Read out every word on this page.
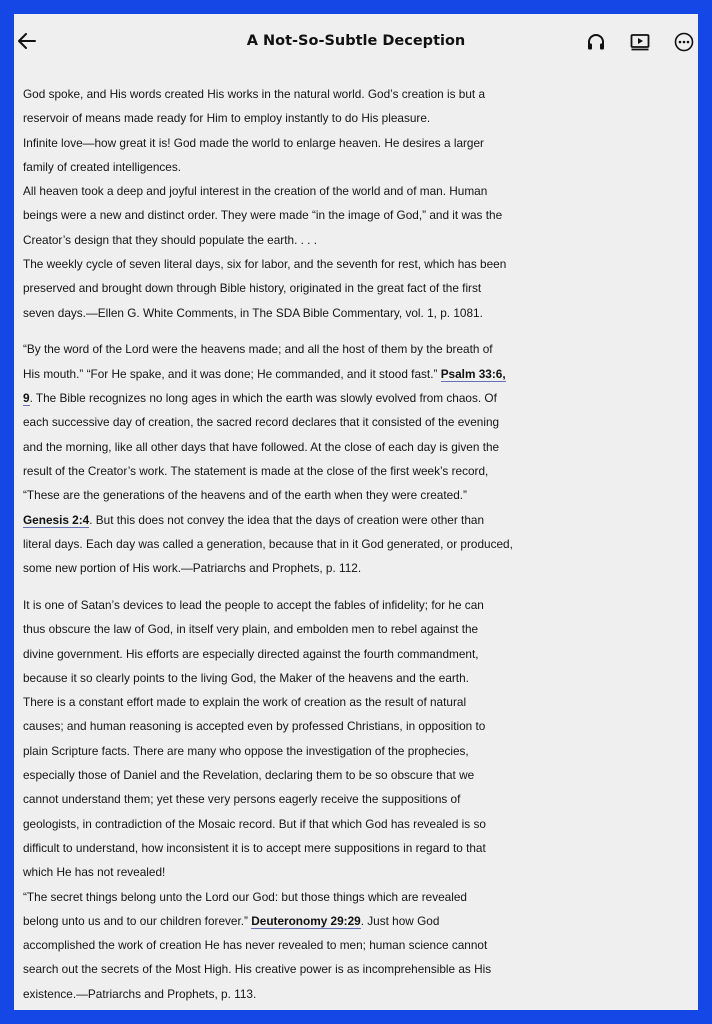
A Not-So-Subtle Deception
God spoke, and His words created His works in the natural world. God’s creation is but a
reservoir of means made ready for Him to employ instantly to do His pleasure.
Infinite love—how great it is! God made the world to enlarge heaven. He desires a larger
family of created intelligences.
All heaven took a deep and joyful interest in the creation of the world and of man. Human
beings were a new and distinct order. They were made “in the image of God,” and it was the
Creator’s design that they should populate the earth. . . .
The weekly cycle of seven literal days, six for labor, and the seventh for rest, which has been
preserved and brought down through Bible history, originated in the great fact of the first
seven days.—Ellen G. White Comments, in The SDA Bible Commentary, vol. 1, p. 1081.
“By the word of the Lord were the heavens made; and all the host of them by the breath of
His mouth.” “For He spake, and it was done; He commanded, and it stood fast.” Psalm 33:6,
9. The Bible recognizes no long ages in which the earth was slowly evolved from chaos. Of
each successive day of creation, the sacred record declares that it consisted of the evening
and the morning, like all other days that have followed. At the close of each day is given the
result of the Creator’s work. The statement is made at the close of the first week’s record,
“These are the generations of the heavens and of the earth when they were created.”
Genesis 2:4. But this does not convey the idea that the days of creation were other than
literal days. Each day was called a generation, because that in it God generated, or produced,
some new portion of His work.—Patriarchs and Prophets, p. 112.
It is one of Satan’s devices to lead the people to accept the fables of infidelity; for he can
thus obscure the law of God, in itself very plain, and embolden men to rebel against the
divine government. His efforts are especially directed against the fourth commandment,
because it so clearly points to the living God, the Maker of the heavens and the earth.
There is a constant effort made to explain the work of creation as the result of natural
causes; and human reasoning is accepted even by professed Christians, in opposition to
plain Scripture facts. There are many who oppose the investigation of the prophecies,
especially those of Daniel and the Revelation, declaring them to be so obscure that we
cannot understand them; yet these very persons eagerly receive the suppositions of
geologists, in contradiction of the Mosaic record. But if that which God has revealed is so
difficult to understand, how inconsistent it is to accept mere suppositions in regard to that
which He has not revealed!
“The secret things belong unto the Lord our God: but those things which are revealed
belong unto us and to our children forever.” Deuteronomy 29:29. Just how God
accomplished the work of creation He has never revealed to men; human science cannot
search out the secrets of the Most High. His creative power is as incomprehensible as His
existence.—Patriarchs and Prophets, p. 113.
